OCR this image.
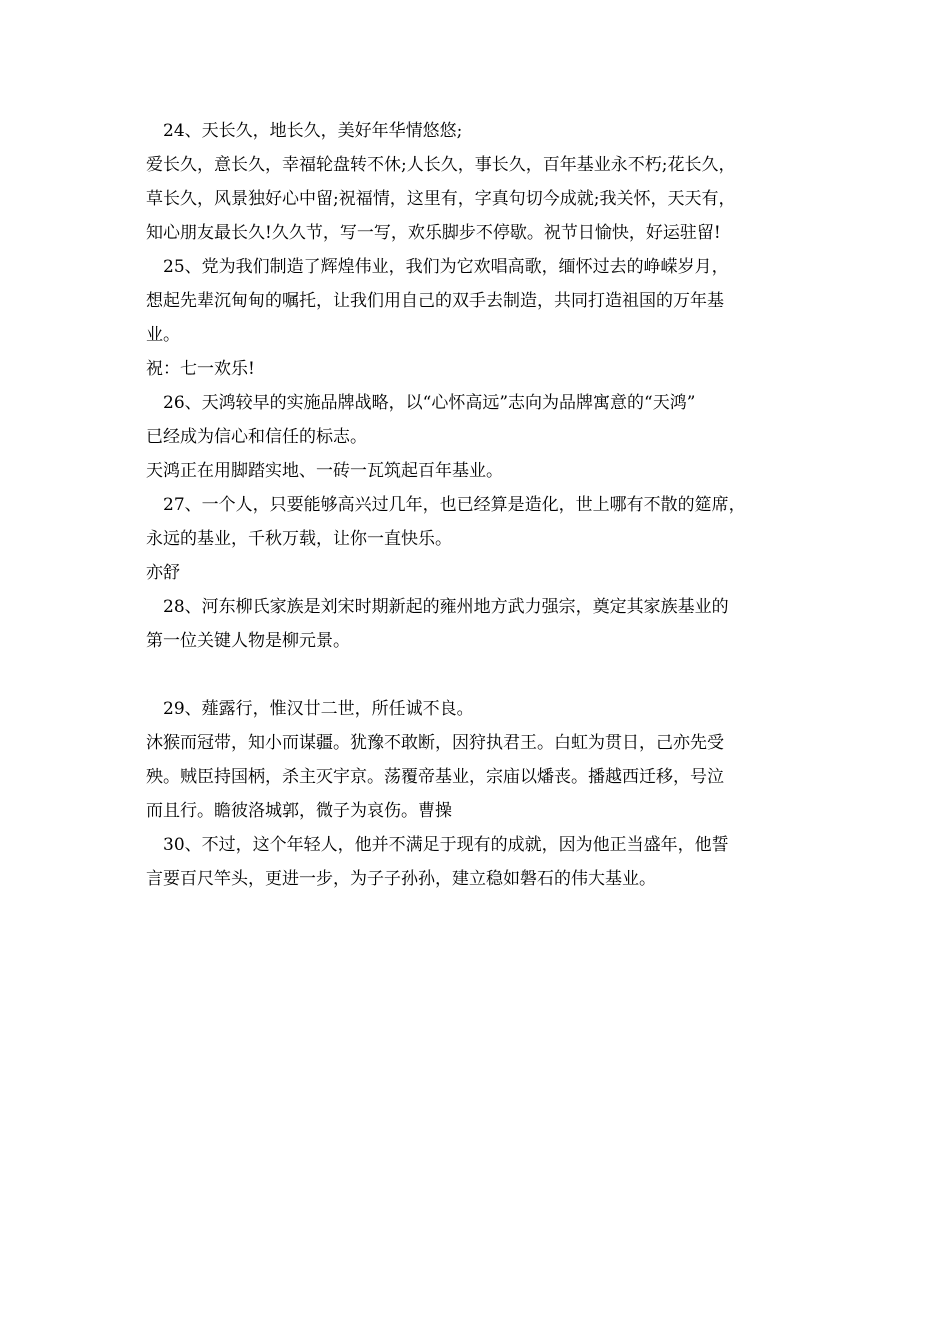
24、天长久，地长久，美好年华情悠悠;
爱长久，意长久，幸福轮盘转不休;人长久，事长久，百年基业永不朽;花长久，
草长久，风景独好心中留;祝福情，这里有，字真句切今成就;我关怀，天天有，
知心朋友最长久!久久节，写一写，欢乐脚步不停歇。祝节日愉快，好运驻留!
25、党为我们制造了辉煌伟业，我们为它欢唱高歌，缅怀过去的峥嵘岁月，
想起先辈沉甸甸的嘱托，让我们用自己的双手去制造，共同打造祖国的万年基
业。
祝：七一欢乐!
26、天鸿较早的实施品牌战略，以“心怀高远”志向为品牌寓意的“天鸿”
已经成为信心和信任的标志。
天鸿正在用脚踏实地、一砖一瓦筑起百年基业。
27、一个人，只要能够高兴过几年，也已经算是造化，世上哪有不散的筵席，
永远的基业，千秋万载，让你一直快乐。
亦舒
28、河东柳氏家族是刘宋时期新起的雍州地方武力强宗，奠定其家族基业的
第一位关键人物是柳元景。
29、薤露行，惟汉廿二世，所任诚不良。
沐猴而冠带，知小而谋疆。犹豫不敢断，因狩执君王。白虹为贯日，己亦先受
殃。贼臣持国柄，杀主灭宇京。荡覆帝基业，宗庙以燔丧。播越西迁移，号泣
而且行。瞻彼洛城郭，微子为哀伤。曹操
30、不过，这个年轻人，他并不满足于现有的成就，因为他正当盛年，他誓
言要百尺竿头，更进一步，为子子孙孙，建立稳如磐石的伟大基业。
